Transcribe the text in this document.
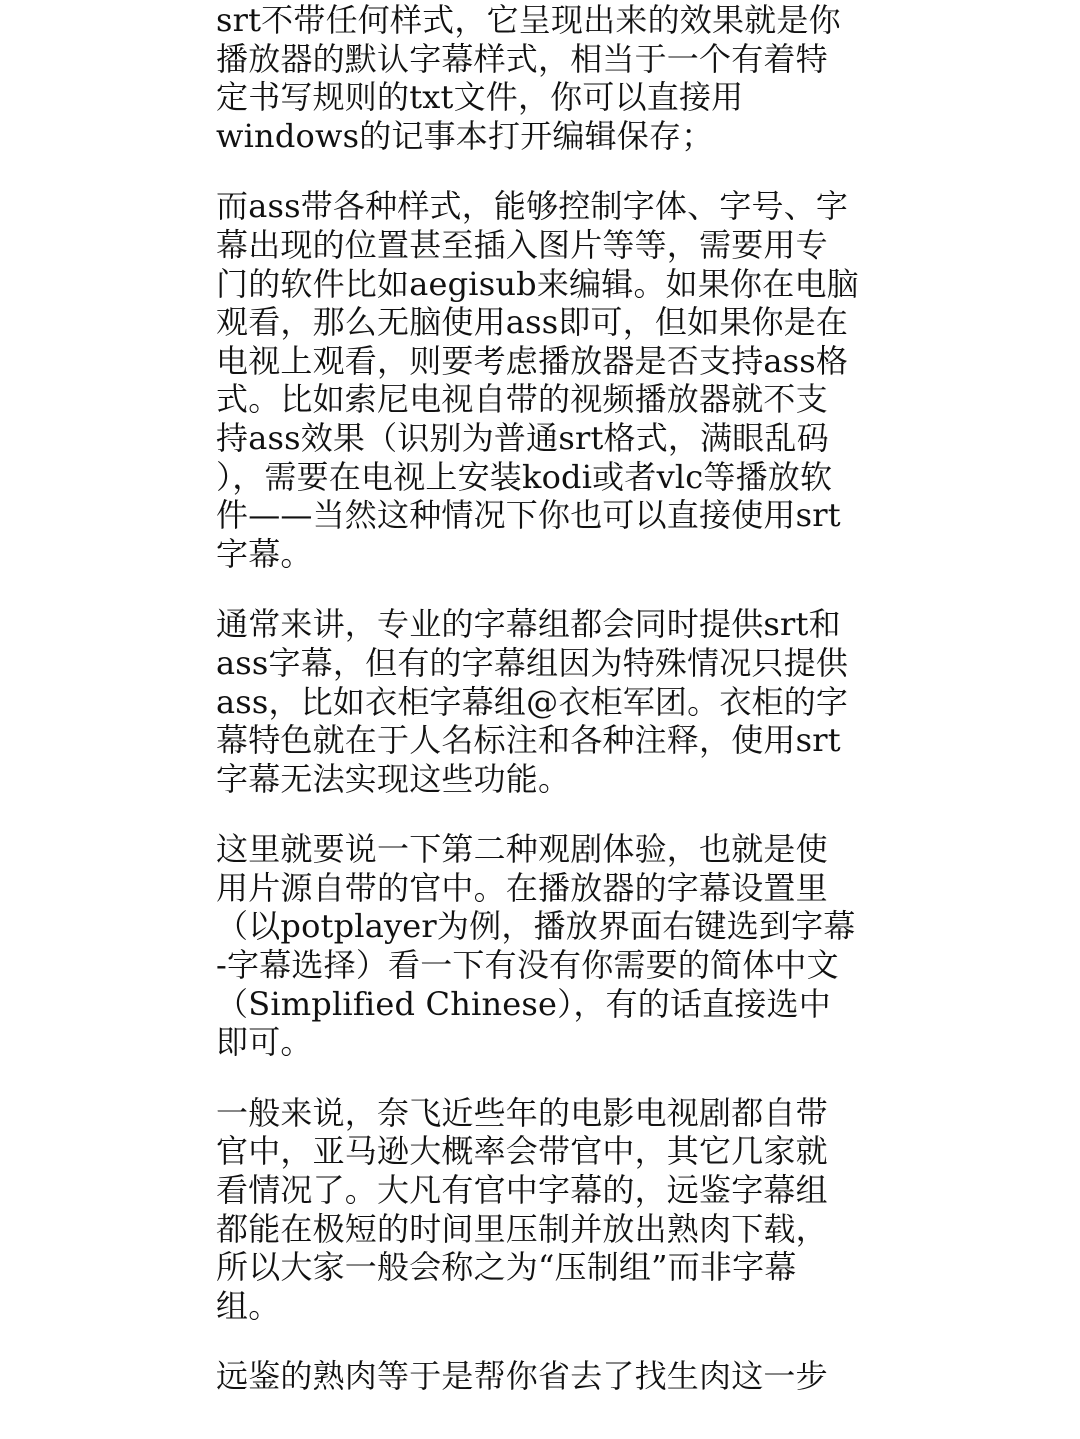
srt不带任何样式，它呈现出来的效果就是你
播放器的默认字幕样式，相当于一个有着特
定书写规则的txt文件，你可以直接用
windows的记事本打开编辑保存；

而ass带各种样式，能够控制字体、字号、字
幕出现的位置甚至插入图片等等，需要用专
门的软件比如aegisub来编辑。如果你在电脑
观看，那么无脑使用ass即可，但如果你是在
电视上观看，则要考虑播放器是否支持ass格
式。比如索尼电视自带的视频播放器就不支
持ass效果（识别为普通srt格式，满眼乱码
），需要在电视上安装kodi或者vlc等播放软
件——当然这种情况下你也可以直接使用srt
字幕。

通常来讲，专业的字幕组都会同时提供srt和
ass字幕，但有的字幕组因为特殊情况只提供
ass，比如衣柜字幕组@衣柜军团。衣柜的字
幕特色就在于人名标注和各种注释，使用srt
字幕无法实现这些功能。

这里就要说一下第二种观剧体验，也就是使
用片源自带的官中。在播放器的字幕设置里
（以potplayer为例，播放界面右键选到字幕
-字幕选择）看一下有没有你需要的简体中文
（Simplified Chinese），有的话直接选中
即可。

一般来说，奈飞近些年的电影电视剧都自带
官中，亚马逊大概率会带官中，其它几家就
看情况了。大凡有官中字幕的，远鉴字幕组
都能在极短的时间里压制并放出熟肉下载，
所以大家一般会称之为“压制组”而非字幕
组。

远鉴的熟肉等于是帮你省去了找生肉这一步
